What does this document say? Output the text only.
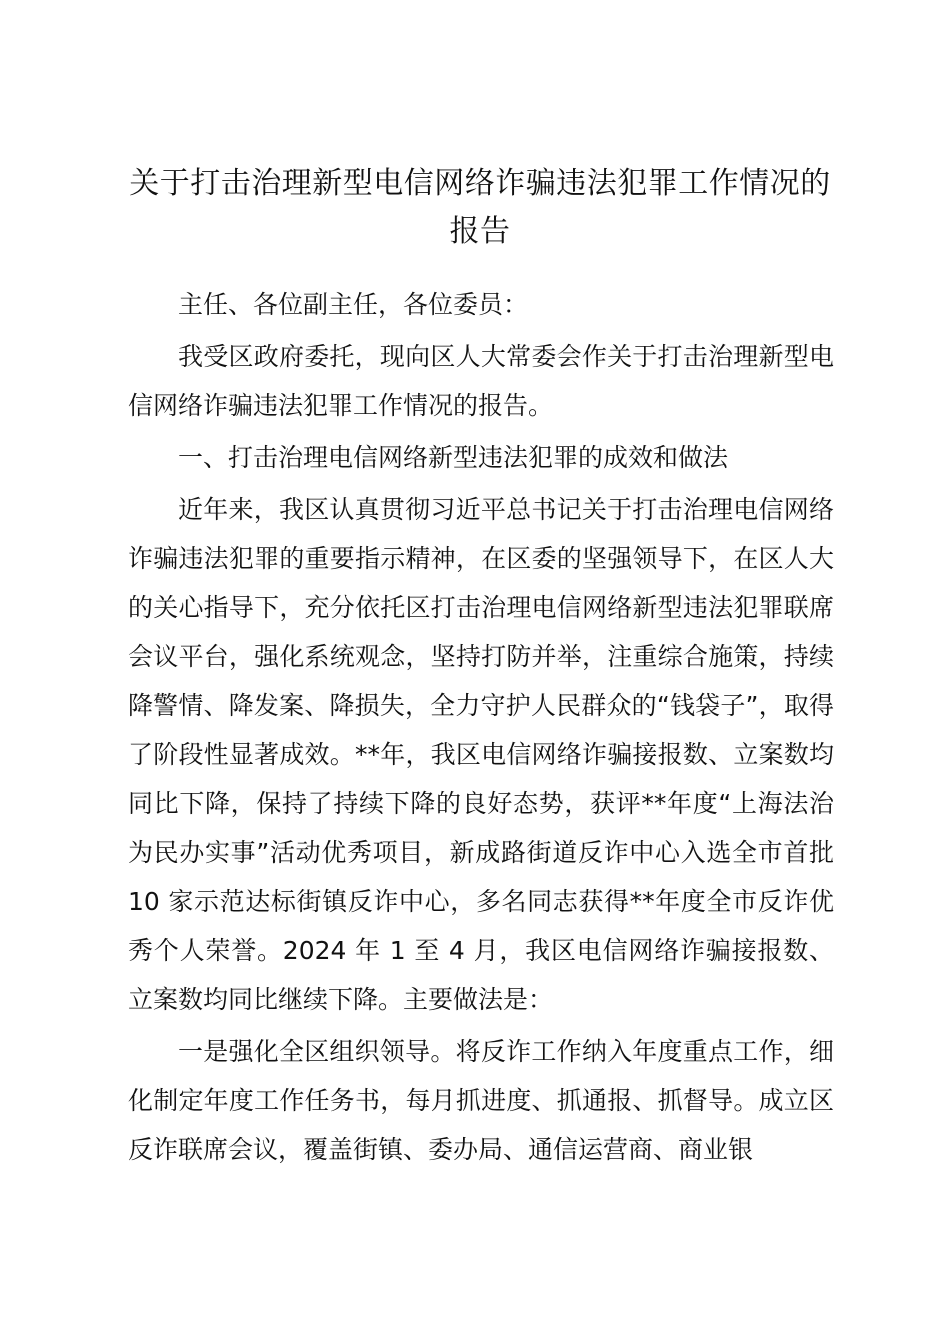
关于打击治理新型电信网络诈骗违法犯罪工作情况的报告

主任、各位副主任，各位委员：

我受区政府委托，现向区人大常委会作关于打击治理新型电信网络诈骗违法犯罪工作情况的报告。

一、打击治理电信网络新型违法犯罪的成效和做法

近年来，我区认真贯彻习近平总书记关于打击治理电信网络诈骗违法犯罪的重要指示精神，在区委的坚强领导下，在区人大的关心指导下，充分依托区打击治理电信网络新型违法犯罪联席会议平台，强化系统观念，坚持打防并举，注重综合施策，持续降警情、降发案、降损失，全力守护人民群众的“钱袋子”，取得了阶段性显著成效。**年，我区电信网络诈骗接报数、立案数均同比下降，保持了持续下降的良好态势，获评**年度“上海法治为民办实事”活动优秀项目，新成路街道反诈中心入选全市首批 10 家示范达标街镇反诈中心，多名同志获得**年度全市反诈优秀个人荣誉。2024 年 1 至 4 月，我区电信网络诈骗接报数、立案数均同比继续下降。主要做法是：

一是强化全区组织领导。将反诈工作纳入年度重点工作，细化制定年度工作任务书，每月抓进度、抓通报、抓督导。成立区反诈联席会议，覆盖街镇、委办局、通信运营商、商业银
